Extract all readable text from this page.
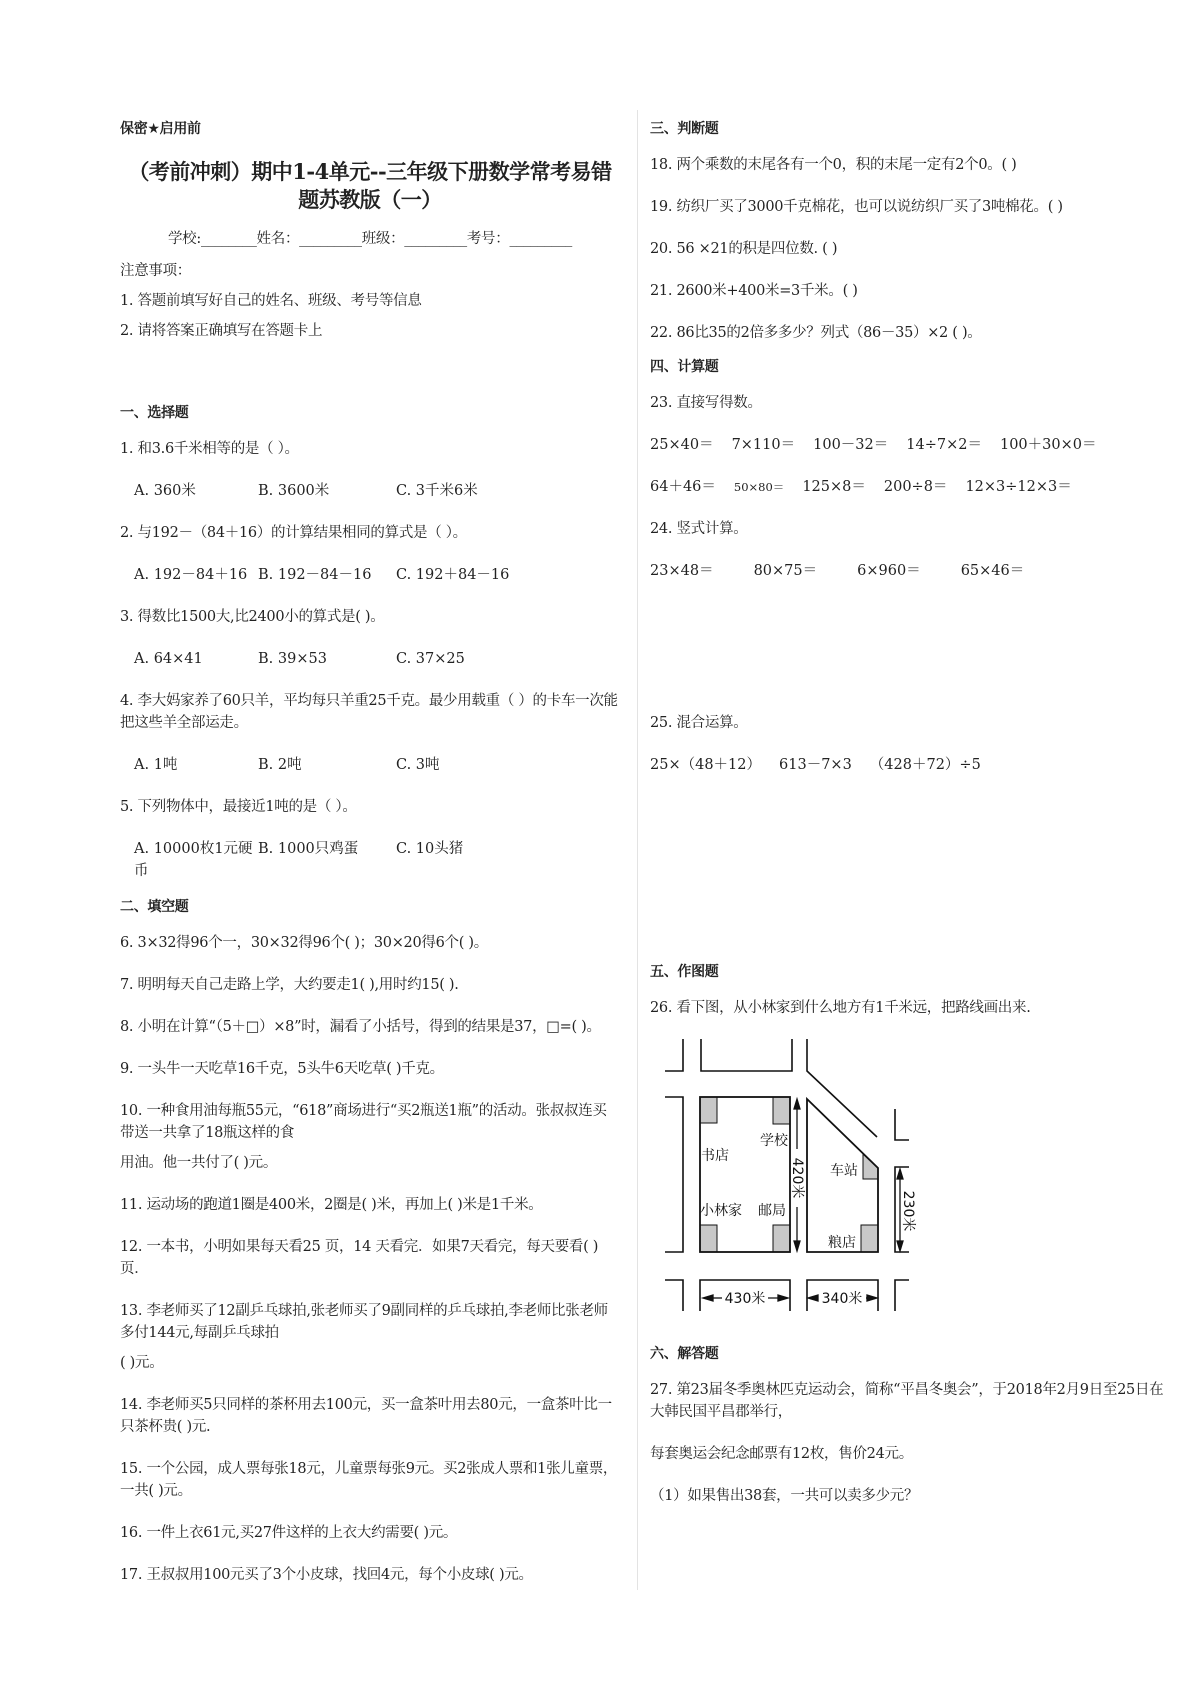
保密★启用前
（考前冲刺）期中1-4单元--三年级下册数学常考易错题苏教版（一）
学校:________姓名：_________班级：_________考号：_________
注意事项：
1. 答题前填写好自己的姓名、班级、考号等信息
2. 请将答案正确填写在答题卡上
一、选择题
1. 和3.6千米相等的是（ ）。
A. 360米	B. 3600米	C. 3千米6米
2. 与192－（84＋16）的计算结果相同的算式是（ ）。
A. 192－84＋16 B. 192－84－16	C. 192＋84－16
3. 得数比1500大,比2400小的算式是( )。
A. 64×41	B. 39×53	C. 37×25
4. 李大妈家养了60只羊，平均每只羊重25千克。最少用载重（ ）的卡车一次能把这些羊全部运走。
A. 1吨	B. 2吨	C. 3吨
5. 下列物体中，最接近1吨的是（ ）。
A. 10000枚1元硬币
B. 1000只鸡蛋	C. 10头猪
二、填空题
6. 3×32得96个一，30×32得96个( )；30×20得6个( )。
7. 明明每天自己走路上学，大约要走1( ),用时约15( ).
8. 小明在计算“（5＋□）×8”时，漏看了小括号，得到的结果是37，□=( )。
9. 一头牛一天吃草16千克，5头牛6天吃草( )千克。
10. 一种食用油每瓶55元，“618”商场进行“买2瓶送1瓶”的活动。张叔叔连买带送一共拿了18瓶这样的食
用油。他一共付了( )元。
11. 运动场的跑道1圈是400米，2圈是( )米，再加上( )米是1千米。
12. 一本书，小明如果每天看25 页，14 天看完．如果7天看完，每天要看( )页．
13. 李老师买了12副乒乓球拍,张老师买了9副同样的乒乓球拍,李老师比张老师多付144元,每副乒乓球拍
( )元。
14. 李老师买5只同样的茶杯用去100元，买一盒茶叶用去80元，一盒茶叶比一只茶杯贵( )元.
15. 一个公园，成人票每张18元，儿童票每张9元。买2张成人票和1张儿童票，一共( )元。
16. 一件上衣61元,买27件这样的上衣大约需要( )元。
17. 王叔叔用100元买了3个小皮球，找回4元，每个小皮球( )元。
三、判断题
18. 两个乘数的末尾各有一个0，积的末尾一定有2个0。( )
19. 纺织厂买了3000千克棉花，也可以说纺织厂买了3吨棉花。( )
20. 56 ×21的积是四位数. ( )
21. 2600米+400米=3千米。( )
22. 86比35的2倍多多少？列式（86－35）×2 ( )。
四、计算题
23. 直接写得数。
25×40＝ 7×110＝ 100－32＝ 14÷7×2＝ 100＋30×0＝
64＋46＝ 50×80＝ 125×8＝ 200÷8＝ 12×3÷12×3＝
24. 竖式计算。
23×48＝	80×75＝	6×960＝	65×46＝
25. 混合运算。
25×（48＋12） 613－7×3 （428＋72）÷5
五、作图题
26. 看下图，从小林家到什么地方有1千米远，把路线画出来.
书店
学校
小林家 邮局
车站
粮店
420米
230米
430米	340米
六、解答题
27. 第23届冬季奥林匹克运动会，简称“平昌冬奥会”，于2018年2月9日至25日在大韩民国平昌郡举行，
每套奥运会纪念邮票有12枚，售价24元。
（1）如果售出38套，一共可以卖多少元？
